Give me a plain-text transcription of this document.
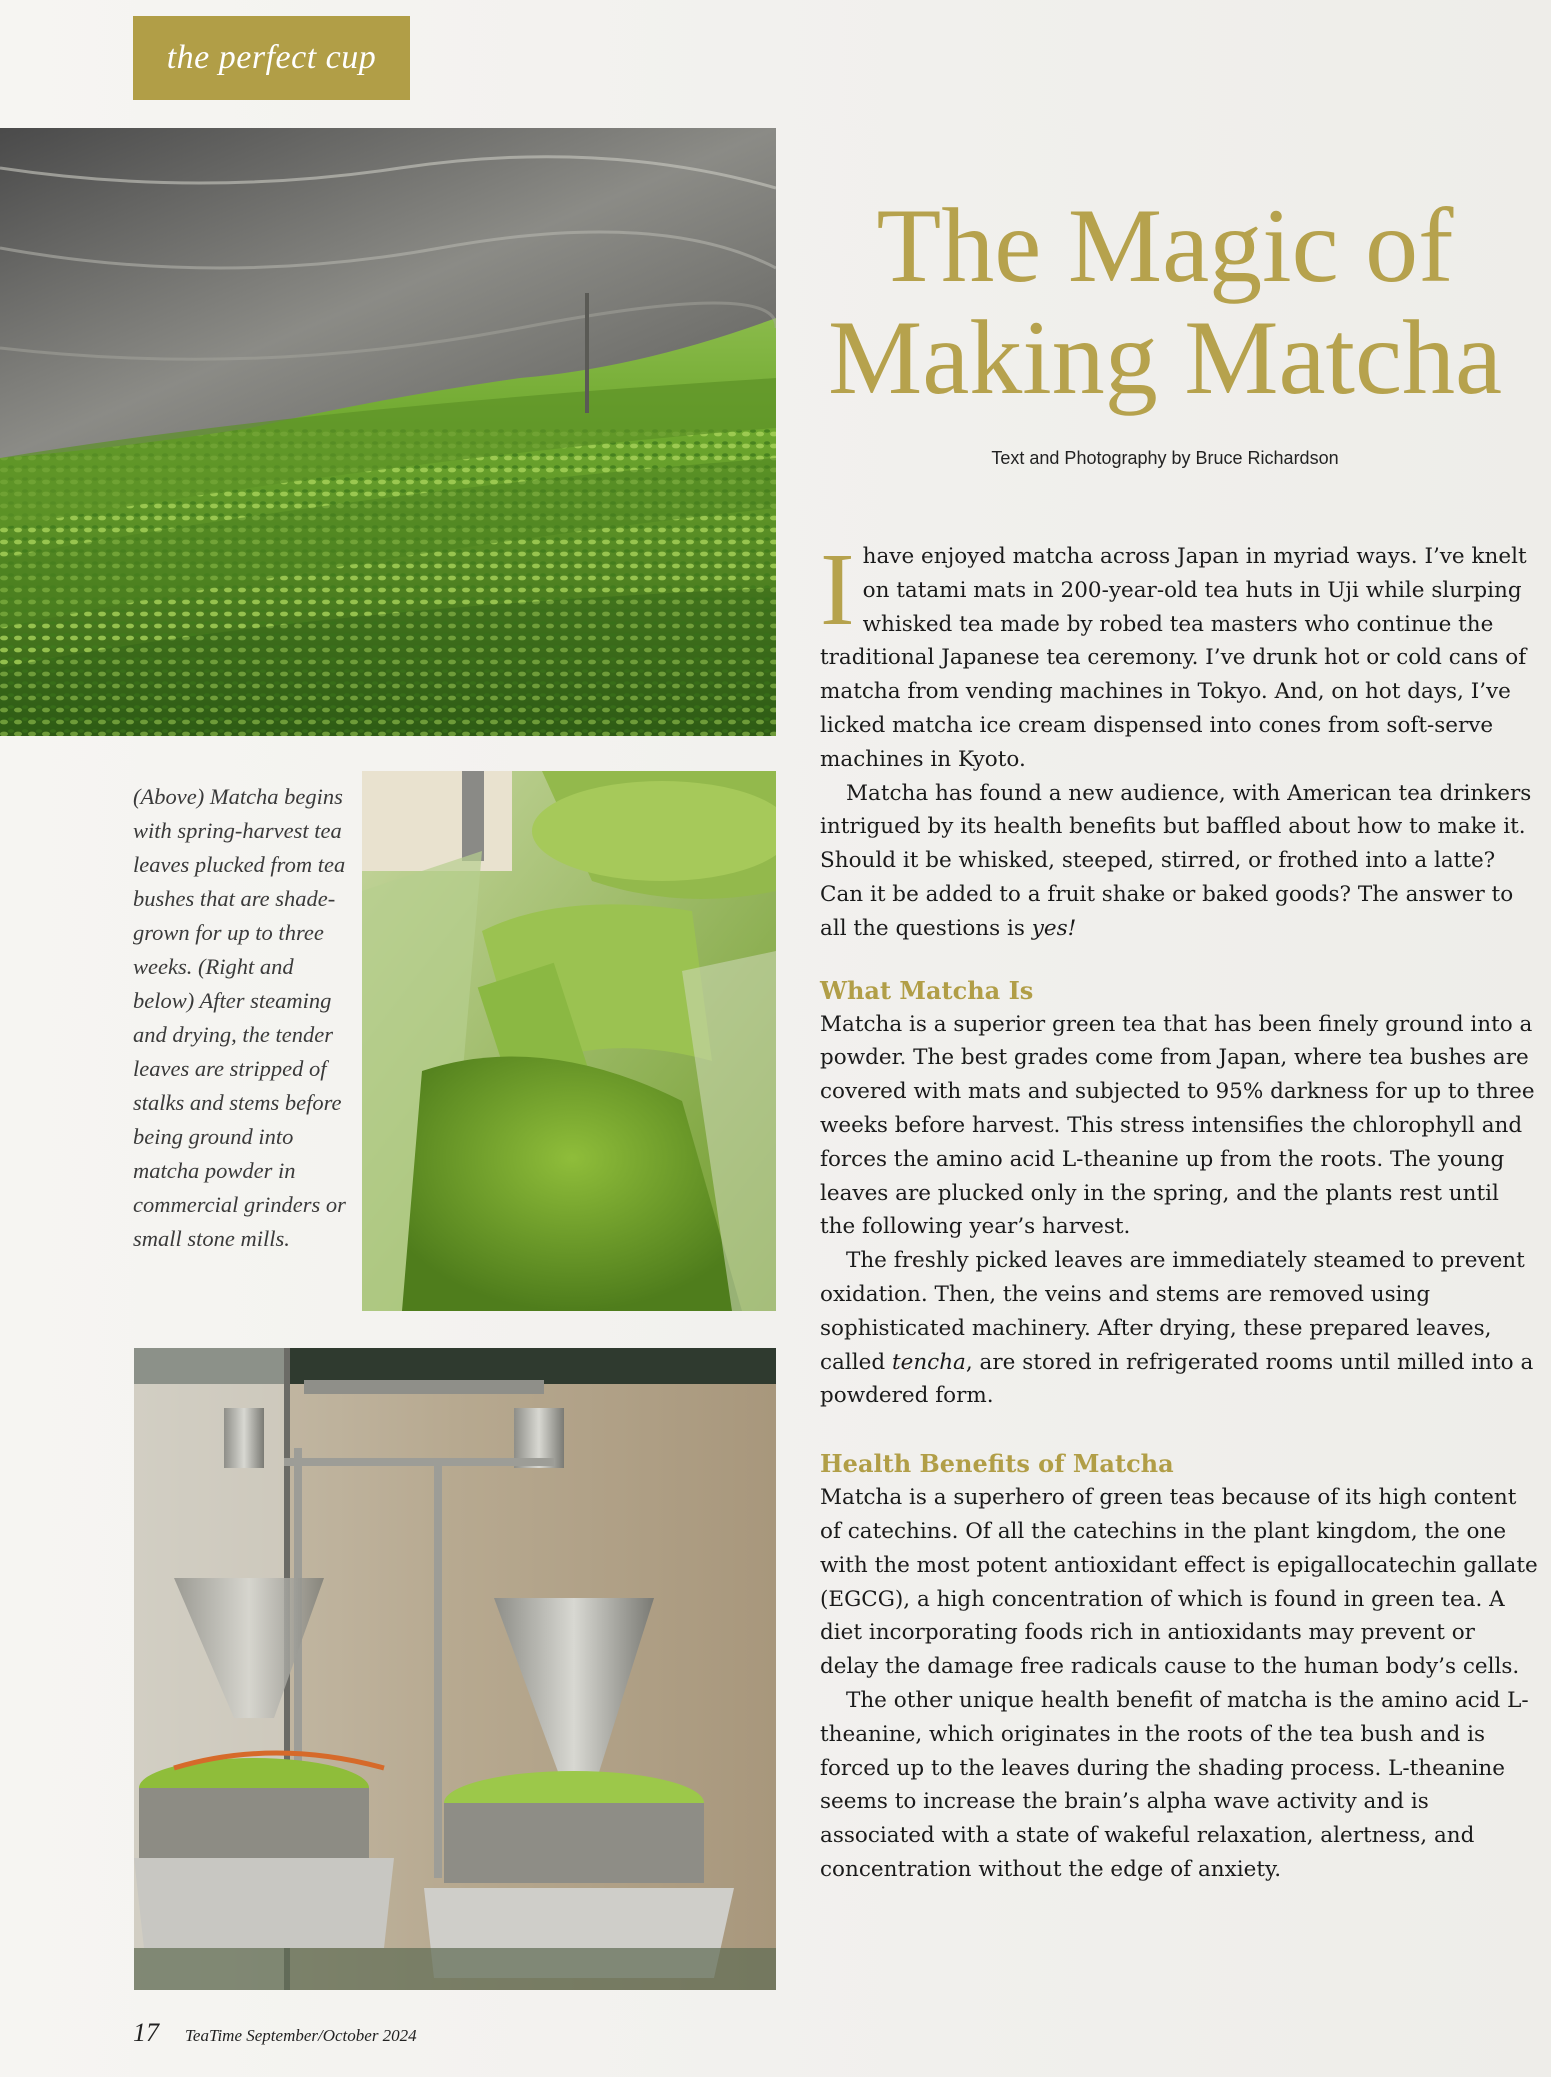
the perfect cup
The Magic of
Making Matcha
Text and Photography by Bruce Richardson
(Above) Matcha begins with spring-harvest tea leaves plucked from tea bushes that are shade-grown for up to three weeks. (Right and below) After steaming and drying, the tender leaves are stripped of stalks and stems before being ground into matcha powder in commercial grinders or small stone mills.

Ihave enjoyed matcha across Japan in myriad ways. I’ve knelt on tatami mats in 200-year-old tea huts in Uji while slurping whisked tea made by robed tea masters who continue the traditional Japanese tea ceremony. I’ve drunk hot or cold cans of matcha from vending machines in Tokyo. And, on hot days, I’ve licked matcha ice cream dispensed into cones from soft-serve machines in Kyoto.

Matcha has found a new audience, with American tea drinkers intrigued by its health benefits but baffled about how to make it. Should it be whisked, steeped, stirred, or frothed into a latte? Can it be added to a fruit shake or baked goods? The answer to all the questions is yes!

What Matcha Is

Matcha is a superior green tea that has been finely ground into a powder. The best grades come from Japan, where tea bushes are covered with mats and subjected to 95% darkness for up to three weeks before harvest. This stress intensifies the chlorophyll and forces the amino acid L-theanine up from the roots. The young leaves are plucked only in the spring, and the plants rest until the following year’s harvest.

The freshly picked leaves are immediately steamed to prevent oxidation. Then, the veins and stems are removed using sophisticated machinery. After drying, these prepared leaves, called tencha, are stored in refrigerated rooms until milled into a powdered form.

Health Benefits of Matcha

Matcha is a superhero of green teas because of its high content of catechins. Of all the catechins in the plant kingdom, the one with the most potent antioxidant effect is epigallocatechin gallate (EGCG), a high concentration of which is found in green tea. A diet incorporating foods rich in antioxidants may prevent or delay the damage free radicals cause to the human body’s cells.

The other unique health benefit of matcha is the amino acid L-theanine, which originates in the roots of the tea bush and is forced up to the leaves during the shading process. L-theanine seems to increase the brain’s alpha wave activity and is associated with a state of wakeful relaxation, alertness, and concentration without the edge of anxiety.

17 TeaTime September/October 2024
